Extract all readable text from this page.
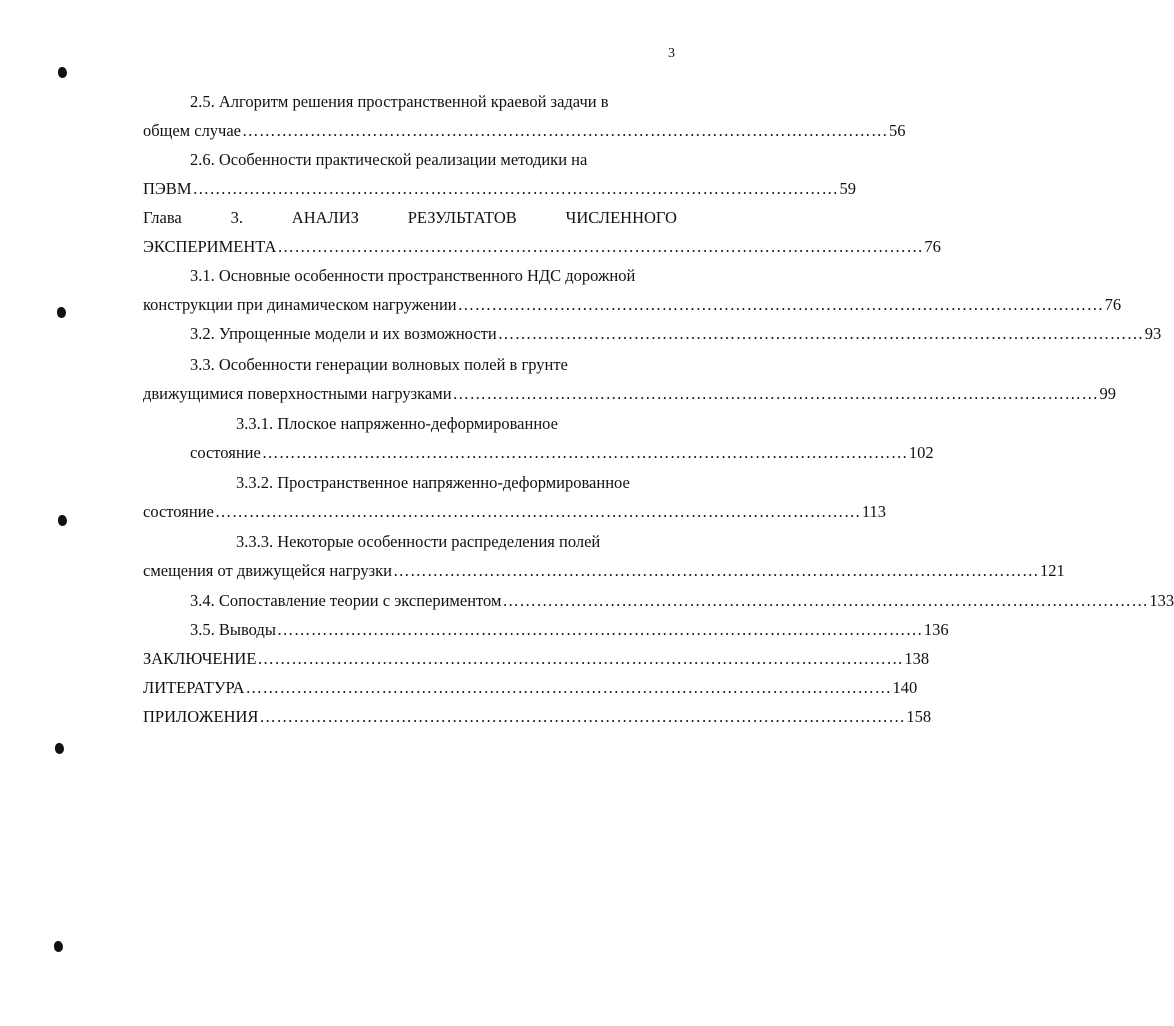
3
2.5. Алгоритм решения пространственной краевой задачи в
общем случае …………………………………………………………………………………………………… 56
2.6. Особенности практической реализации методики на
ПЭВМ …………………………………………………………………………………………………… 59
Глава	3.	АНАЛИЗ	РЕЗУЛЬТАТОВ	ЧИСЛЕННОГО
ЭКСПЕРИМЕНТА …………………………………………………………………………………………………… 76
3.1. Основные особенности пространственного НДС дорожной
конструкции при динамическом нагружении …………………………………………………………………………………………………… 76
3.2. Упрощенные модели и их возможности …………………………………………………………………………………………………… 93
3.3. Особенности генерации волновых полей в грунте
движущимися поверхностными нагрузками …………………………………………………………………………………………………… 99
3.3.1. Плоское напряженно-деформированное
состояние …………………………………………………………………………………………………… 102
3.3.2. Пространственное напряженно-деформированное
состояние …………………………………………………………………………………………………… 113
3.3.3. Некоторые особенности распределения полей
смещения от движущейся нагрузки …………………………………………………………………………………………………… 121
3.4. Сопоставление теории с экспериментом …………………………………………………………………………………………………… 133
3.5. Выводы …………………………………………………………………………………………………… 136
ЗАКЛЮЧЕНИЕ …………………………………………………………………………………………………… 138
ЛИТЕРАТУРА …………………………………………………………………………………………………… 140
ПРИЛОЖЕНИЯ …………………………………………………………………………………………………… 158
